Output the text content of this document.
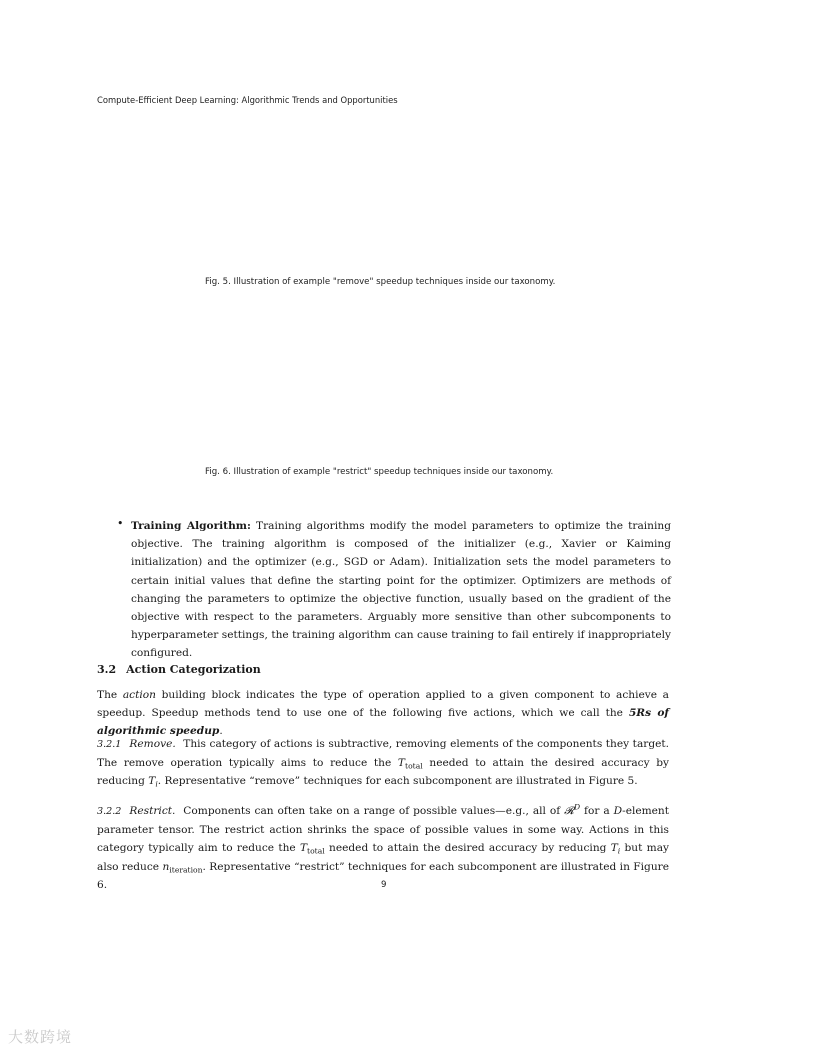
Compute-Efficient Deep Learning: Algorithmic Trends and Opportunities
Fig. 5. Illustration of example "remove" speedup techniques inside our taxonomy.
Fig. 6. Illustration of example "restrict" speedup techniques inside our taxonomy.
• Training Algorithm: Training algorithms modify the model parameters to optimize the training objective. The training algorithm is composed of the initializer (e.g., Xavier or Kaiming initialization) and the optimizer (e.g., SGD or Adam). Initialization sets the model parameters to certain initial values that define the starting point for the optimizer. Optimizers are methods of changing the parameters to optimize the objective function, usually based on the gradient of the objective with respect to the parameters. Arguably more sensitive than other subcomponents to hyperparameter settings, the training algorithm can cause training to fail entirely if inappropriately configured.
3.2 Action Categorization
The action building block indicates the type of operation applied to a given component to achieve a speedup. Speedup methods tend to use one of the following five actions, which we call the 5Rs of algorithmic speedup.
3.2.1 Remove. This category of actions is subtractive, removing elements of the components they target. The remove operation typically aims to reduce the $T_{total}$ needed to attain the desired accuracy by reducing $T_i$. Representative “remove” techniques for each subcomponent are illustrated in Figure 5.
3.2.2 Restrict. Components can often take on a range of possible values—e.g., all of 𝓡$^D$ for a D-element parameter tensor. The restrict action shrinks the space of possible values in some way. Actions in this category typically aim to reduce the $T_{total}$ needed to attain the desired accuracy by reducing $T_i$ but may also reduce $n_{iteration}$. Representative “restrict” techniques for each subcomponent are illustrated in Figure 6.	9
大数跨境
